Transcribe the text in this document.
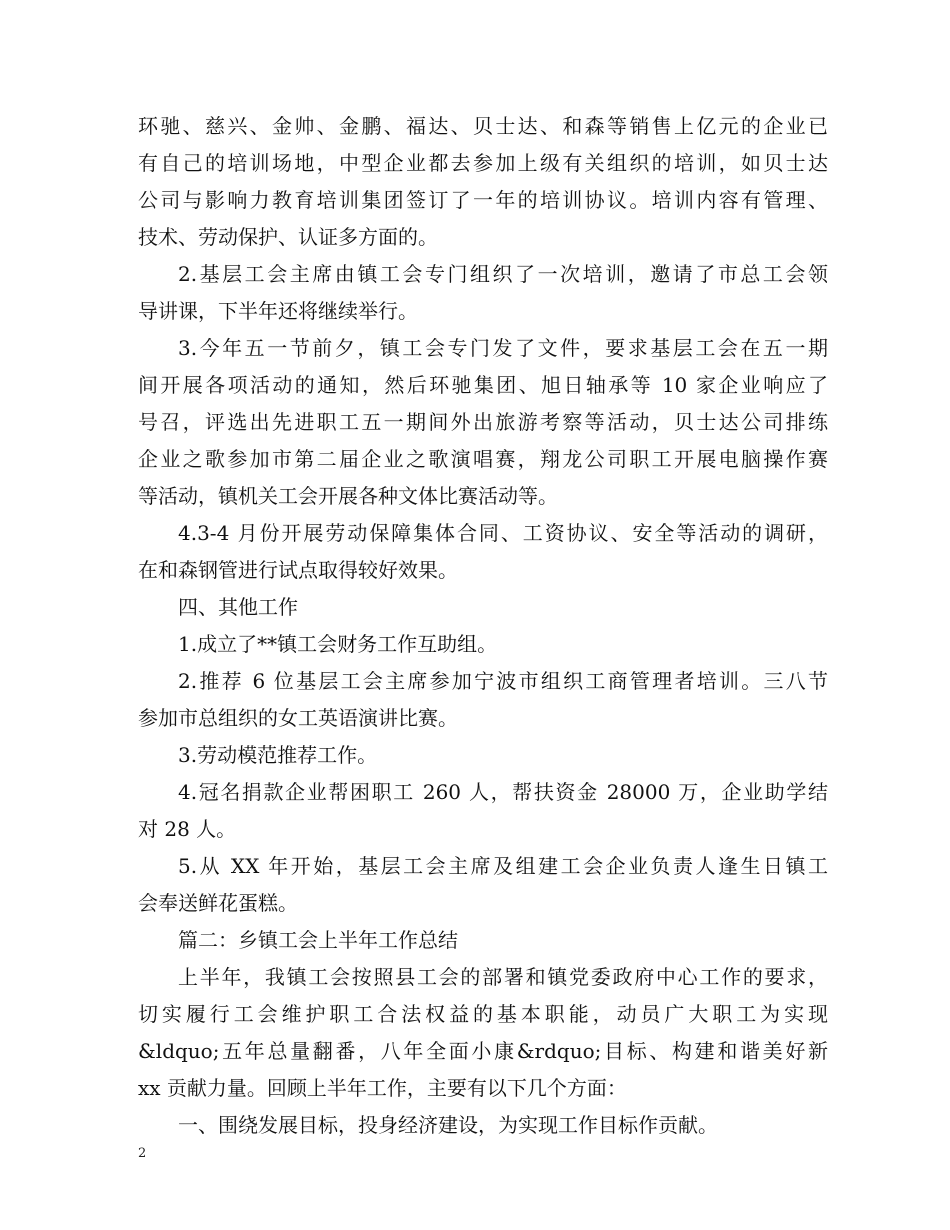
环驰、慈兴、金帅、金鹏、福达、贝士达、和森等销售上亿元的企业已
有自己的培训场地，中型企业都去参加上级有关组织的培训，如贝士达
公司与影响力教育培训集团签订了一年的培训协议。培训内容有管理、
技术、劳动保护、认证多方面的。
2.基层工会主席由镇工会专门组织了一次培训，邀请了市总工会领
导讲课，下半年还将继续举行。
3.今年五一节前夕，镇工会专门发了文件，要求基层工会在五一期
间开展各项活动的通知，然后环驰集团、旭日轴承等 10 家企业响应了
号召，评选出先进职工五一期间外出旅游考察等活动，贝士达公司排练
企业之歌参加市第二届企业之歌演唱赛，翔龙公司职工开展电脑操作赛
等活动，镇机关工会开展各种文体比赛活动等。
4.3-4 月份开展劳动保障集体合同、工资协议、安全等活动的调研，
在和森钢管进行试点取得较好效果。
四、其他工作
1.成立了**镇工会财务工作互助组。
2.推荐 6 位基层工会主席参加宁波市组织工商管理者培训。三八节
参加市总组织的女工英语演讲比赛。
3.劳动模范推荐工作。
4.冠名捐款企业帮困职工 260 人，帮扶资金 28000 万，企业助学结
对 28 人。
5.从 XX 年开始，基层工会主席及组建工会企业负责人逢生日镇工
会奉送鲜花蛋糕。
篇二：乡镇工会上半年工作总结
上半年，我镇工会按照县工会的部署和镇党委政府中心工作的要求，
切实履行工会维护职工合法权益的基本职能，动员广大职工为实现
&ldquo;五年总量翻番，八年全面小康&rdquo;目标、构建和谐美好新
xx 贡献力量。回顾上半年工作，主要有以下几个方面：
一、围绕发展目标，投身经济建设，为实现工作目标作贡献。
2
